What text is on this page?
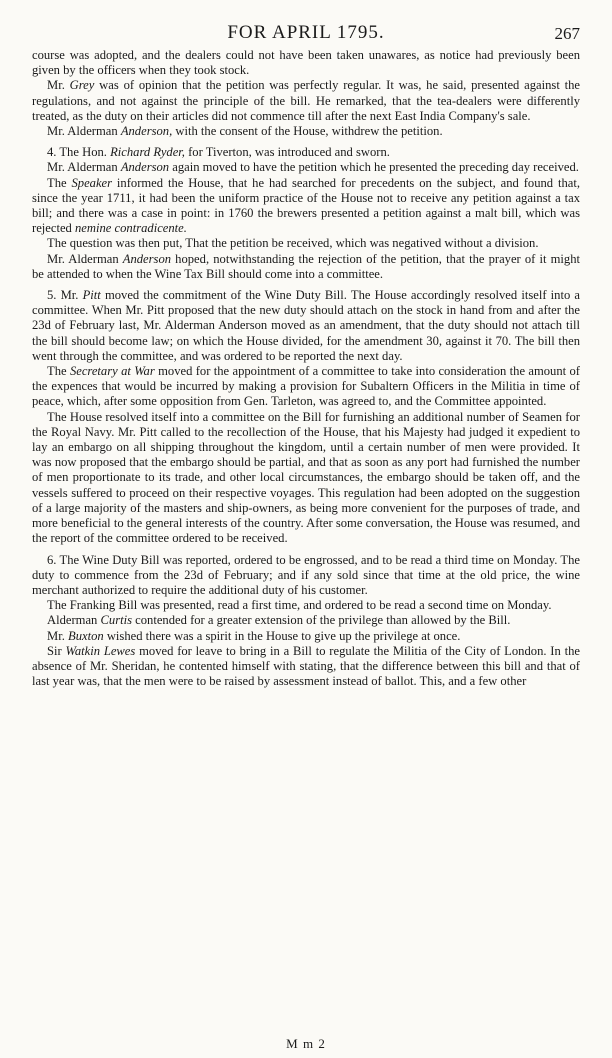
FOR APRIL 1795.	267

course was adopted, and the dealers could not have been taken unawares, as notice had previously been given by the officers when they took stock.

Mr. Grey was of opinion that the petition was perfectly regular. It was, he said, presented against the regulations, and not against the principle of the bill. He remarked, that the tea-dealers were differently treated, as the duty on their articles did not commence till after the next East India Company's sale.

Mr. Alderman Anderson, with the consent of the House, withdrew the petition.

4. The Hon. Richard Ryder, for Tiverton, was introduced and sworn.

Mr. Alderman Anderson again moved to have the petition which he presented the preceding day received.

The Speaker informed the House, that he had searched for precedents on the subject, and found that, since the year 1711, it had been the uniform practice of the House not to receive any petition against a tax bill; and there was a case in point: in 1760 the brewers presented a petition against a malt bill, which was rejected nemine contradicente.

The question was then put, That the petition be received, which was negatived without a division.

Mr. Alderman Anderson hoped, notwithstanding the rejection of the petition, that the prayer of it might be attended to when the Wine Tax Bill should come into a committee.

5. Mr. Pitt moved the commitment of the Wine Duty Bill. The House accordingly resolved itself into a committee. When Mr. Pitt proposed that the new duty should attach on the stock in hand from and after the 23d of February last, Mr. Alderman Anderson moved as an amendment, that the duty should not attach till the bill should become law; on which the House divided, for the amendment 30, against it 70. The bill then went through the committee, and was ordered to be reported the next day.

The Secretary at War moved for the appointment of a committee to take into consideration the amount of the expences that would be incurred by making a provision for Subaltern Officers in the Militia in time of peace, which, after some opposition from Gen. Tarleton, was agreed to, and the Committee appointed.

The House resolved itself into a committee on the Bill for furnishing an additional number of Seamen for the Royal Navy. Mr. Pitt called to the recollection of the House, that his Majesty had judged it expedient to lay an embargo on all shipping throughout the kingdom, until a certain number of men were provided. It was now proposed that the embargo should be partial, and that as soon as any port had furnished the number of men proportionate to its trade, and other local circumstances, the embargo should be taken off, and the vessels suffered to proceed on their respective voyages. This regulation had been adopted on the suggestion of a large majority of the masters and ship-owners, as being more convenient for the purposes of trade, and more beneficial to the general interests of the country. After some conversation, the House was resumed, and the report of the committee ordered to be received.

6. The Wine Duty Bill was reported, ordered to be engrossed, and to be read a third time on Monday. The duty to commence from the 23d of February; and if any sold since that time at the old price, the wine merchant authorized to require the additional duty of his customer.

The Franking Bill was presented, read a first time, and ordered to be read a second time on Monday.

Alderman Curtis contended for a greater extension of the privilege than allowed by the Bill.

Mr. Buxton wished there was a spirit in the House to give up the privilege at once.

Sir Watkin Lewes moved for leave to bring in a Bill to regulate the Militia of the City of London. In the absence of Mr. Sheridan, he contented himself with stating, that the difference between this bill and that of last year was, that the men were to be raised by assessment instead of ballot. This, and a few other

M m 2
